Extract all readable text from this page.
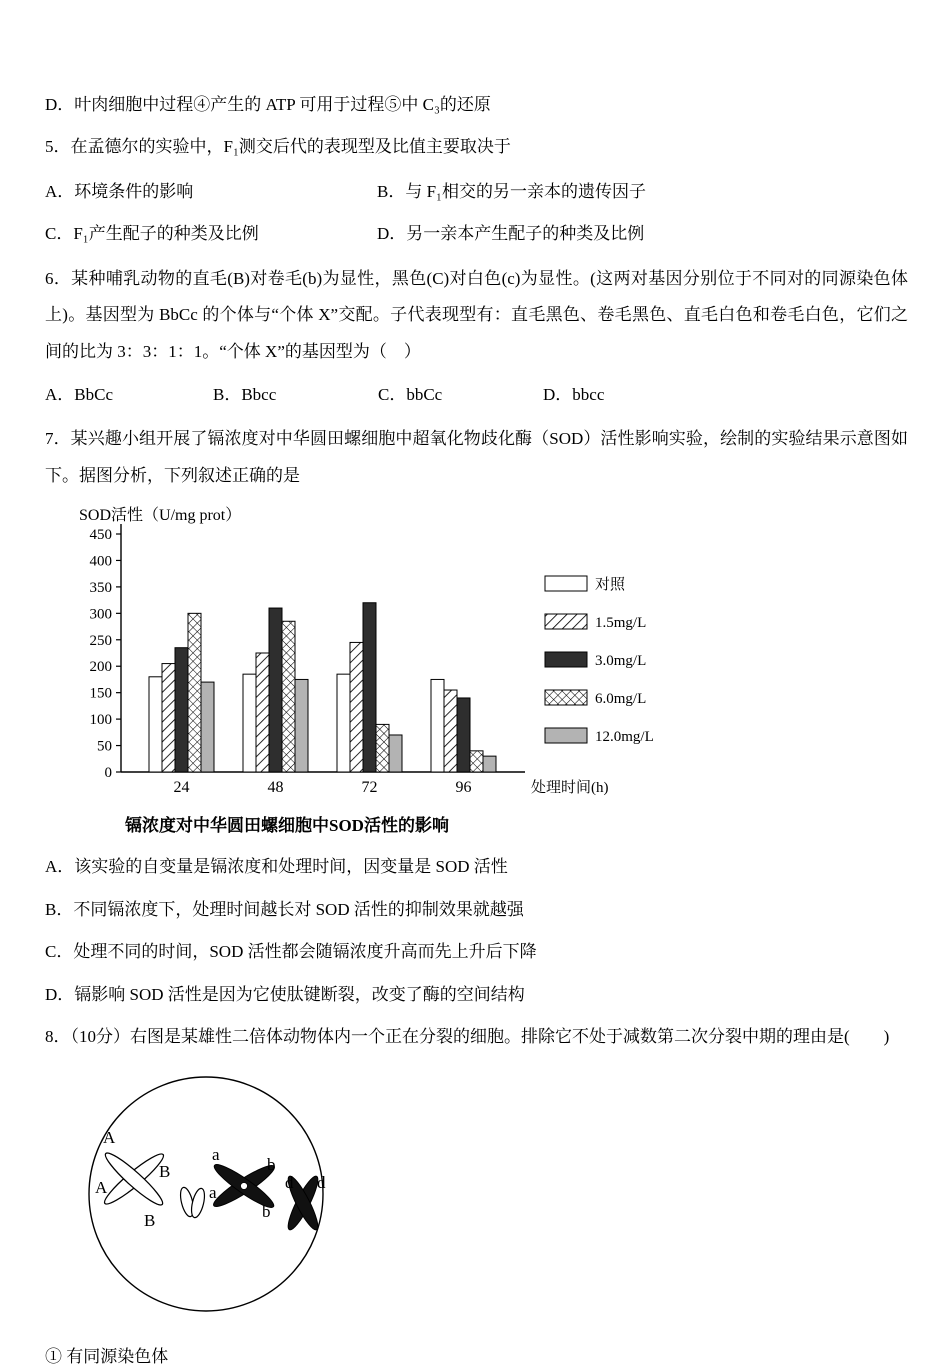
D．叶肉细胞中过程④产生的 ATP 可用于过程⑤中 C₃的还原

5．在孟德尔的实验中，F₁测交后代的表现型及比值主要取决于

A．环境条件的影响	B．与 F₁相交的另一亲本的遗传因子
C．F₁产生配子的种类及比例	D．另一亲本产生配子的种类及比例

6．某种哺乳动物的直毛(B)对卷毛(b)为显性，黑色(C)对白色(c)为显性。(这两对基因分别位于不同对的同源染色体上)。基因型为 BbCc 的个体与“个体 X”交配。子代表现型有：直毛黑色、卷毛黑色、直毛白色和卷毛白色，它们之间的比为 3：3：1：1。“个体 X”的基因型为（　）

A．BbCc	B．Bbcc	C．bbCc	D．bbcc

7．某兴趣小组开展了镉浓度对中华圆田螺细胞中超氧化物歧化酶（SOD）活性影响实验，绘制的实验结果示意图如下。据图分析，下列叙述正确的是

0
50
100
150
200
250
300
350
400
450
SOD活性（U/mg prot）
24	48	72	96	处理时间(h)
对照
1.5mg/L
3.0mg/L
6.0mg/L
12.0mg/L
镉浓度对中华圆田螺细胞中SOD活性的影响

A．该实验的自变量是镉浓度和处理时间，因变量是 SOD 活性

B．不同镉浓度下，处理时间越长对 SOD 活性的抑制效果就越强

C．处理不同的时间，SOD 活性都会随镉浓度升高而先上升后下降

D．镉影响 SOD 活性是因为它使肽键断裂，改变了酶的空间结构

8．（10分）右图是某雄性二倍体动物体内一个正在分裂的细胞。排除它不处于减数第二次分裂中期的理由是(　　)

A
B
A
B
a
b
a
b
d d

① 有同源染色体
